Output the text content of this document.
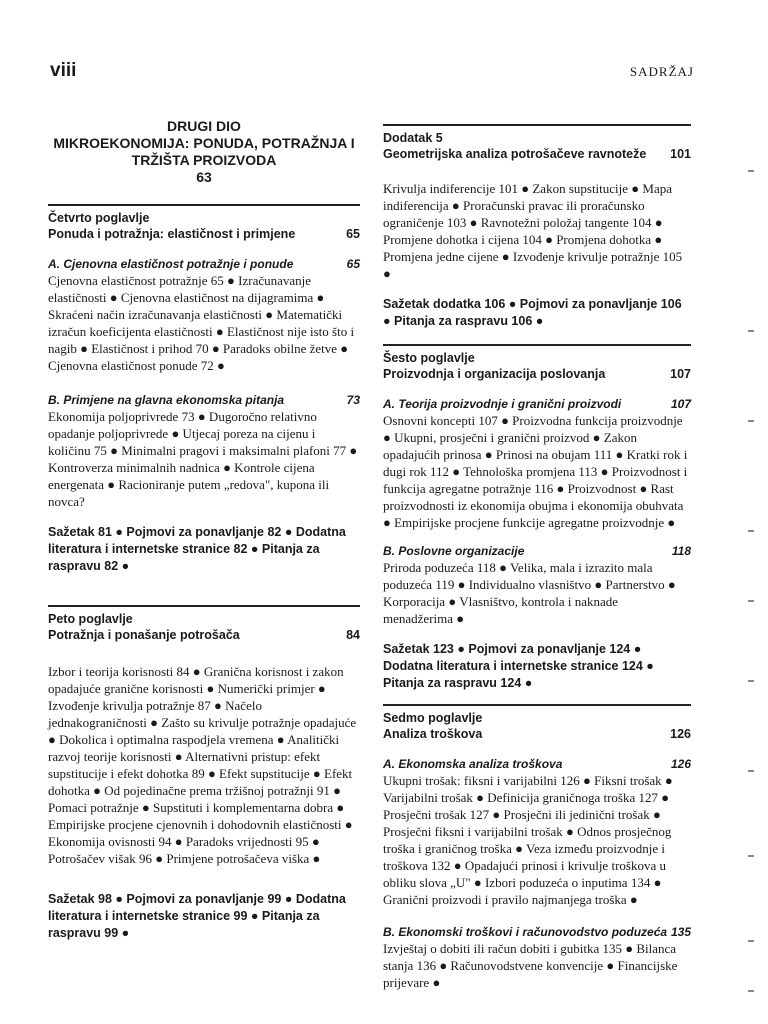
viii	SADRŽAJ
DRUGI DIO
MIKROEKONOMIJA: PONUDA, POTRAŽNJA I
TRŽIŠTA PROIZVODA
63
Četvrto poglavlje
Ponuda i potražnja: elastičnost i primjene	65
A. Cjenovna elastičnost potražnje i ponude	65

Cjenovna elastičnost potražnje 65 ● Izračunavanje elastičnosti ● Cjenovna elastičnost na dijagramima ● Skraćeni način izračunavanja elastičnosti ● Matematički izračun koeficijenta elastičnosti ● Elastičnost nije isto što i nagib ● Elastičnost i prihod 70 ● Paradoks obilne žetve ● Cjenovna elastičnost ponude 72 ●

B. Primjene na glavna ekonomska pitanja	73

Ekonomija poljoprivrede 73 ● Dugoročno relativno opadanje poljoprivrede ● Utjecaj poreza na cijenu i količinu 75 ● Minimalni pragovi i maksimalni plafoni 77 ● Kontroverza minimalnih nadnica ● Kontrole cijena energenata ● Racioniranje putem „redova", kupona ili novca?

Sažetak 81 ● Pojmovi za ponavljanje 82 ● Dodatna literatura i internetske stranice 82 ● Pitanja za raspravu 82 ●
Peto poglavlje
Potražnja i ponašanje potrošača	84

Izbor i teorija korisnosti 84 ● Granična korisnost i zakon opadajuće granične korisnosti ● Numerički primjer ● Izvođenje krivulja potražnje 87 ● Načelo jednakograničnosti ● Zašto su krivulje potražnje opadajuće ● Dokolica i optimalna raspodjela vremena ● Analitički razvoj teorije korisnosti ● Alternativni pristup: efekt supstitucije i efekt dohotka 89 ● Efekt supstitucije ● Efekt dohotka ● Od pojedinačne prema tržišnoj potražnji 91 ● Pomaci potražnje ● Supstituti i komplementarna dobra ● Empirijske procjene cjenovnih i dohodovnih elastičnosti ● Ekonomija ovisnosti 94 ● Paradoks vrijednosti 95 ● Potrošačev višak 96 ● Primjene potrošačeva viška ●

Sažetak 98 ● Pojmovi za ponavljanje 99 ● Dodatna literatura i internetske stranice 99 ● Pitanja za raspravu 99 ●
Dodatak 5
Geometrijska analiza potrošačeve ravnoteže 101

Krivulja indiferencije 101 ● Zakon supstitucije ● Mapa indiferencija ● Proračunski pravac ili proračunsko ograničenje 103 ● Ravnotežni položaj tangente 104 ● Promjene dohotka i cijena 104 ● Promjena dohotka ● Promjena jedne cijene ● Izvođenje krivulje potražnje 105 ●

Sažetak dodatka 106 ● Pojmovi za ponavljanje 106 ● Pitanja za raspravu 106 ●
Šesto poglavlje
Proizvodnja i organizacija poslovanja	107
A. Teorija proizvodnje i granični proizvodi	107

Osnovni koncepti 107 ● Proizvodna funkcija proizvodnje ● Ukupni, prosječni i granični proizvod ● Zakon opadajućih prinosa ● Prinosi na obujam 111 ● Kratki rok i dugi rok 112 ● Tehnološka promjena 113 ● Proizvodnost i funkcija agregatne potražnje 116 ● Proizvodnost ● Rast proizvodnosti iz ekonomija obujma i ekonomija obuhvata ● Empirijske procjene funkcije agregatne proizvodnje ●

B. Poslovne organizacije	118

Priroda poduzeća 118 ● Velika, mala i izrazito mala poduzeća 119 ● Individualno vlasništvo ● Partnerstvo ● Korporacija ● Vlasništvo, kontrola i naknade menadžerima ●

Sažetak 123 ● Pojmovi za ponavljanje 124 ● Dodatna literatura i internetske stranice 124 ● Pitanja za raspravu 124 ●
Sedmo poglavlje
Analiza troškova	126
A. Ekonomska analiza troškova	126

Ukupni trošak: fiksni i varijabilni 126 ● Fiksni trošak ● Varijabilni trošak ● Definicija graničnoga troška 127 ● Prosječni trošak 127 ● Prosječni ili jedinični trošak ● Prosječni fiksni i varijabilni trošak ● Odnos prosječnog troška i graničnog troška ● Veza između proizvodnje i troškova 132 ● Opadajući prinosi i krivulje troškova u obliku slova „U" ● Izbori poduzeća o inputima 134 ● Granični proizvodi i pravilo najmanjega troška ●

B. Ekonomski troškovi i računovodstvo poduzeća 135

Izvještaj o dobiti ili račun dobiti i gubitka 135 ● Bilanca stanja 136 ● Računovodstvene konvencije ● Financijske prijevare ●
